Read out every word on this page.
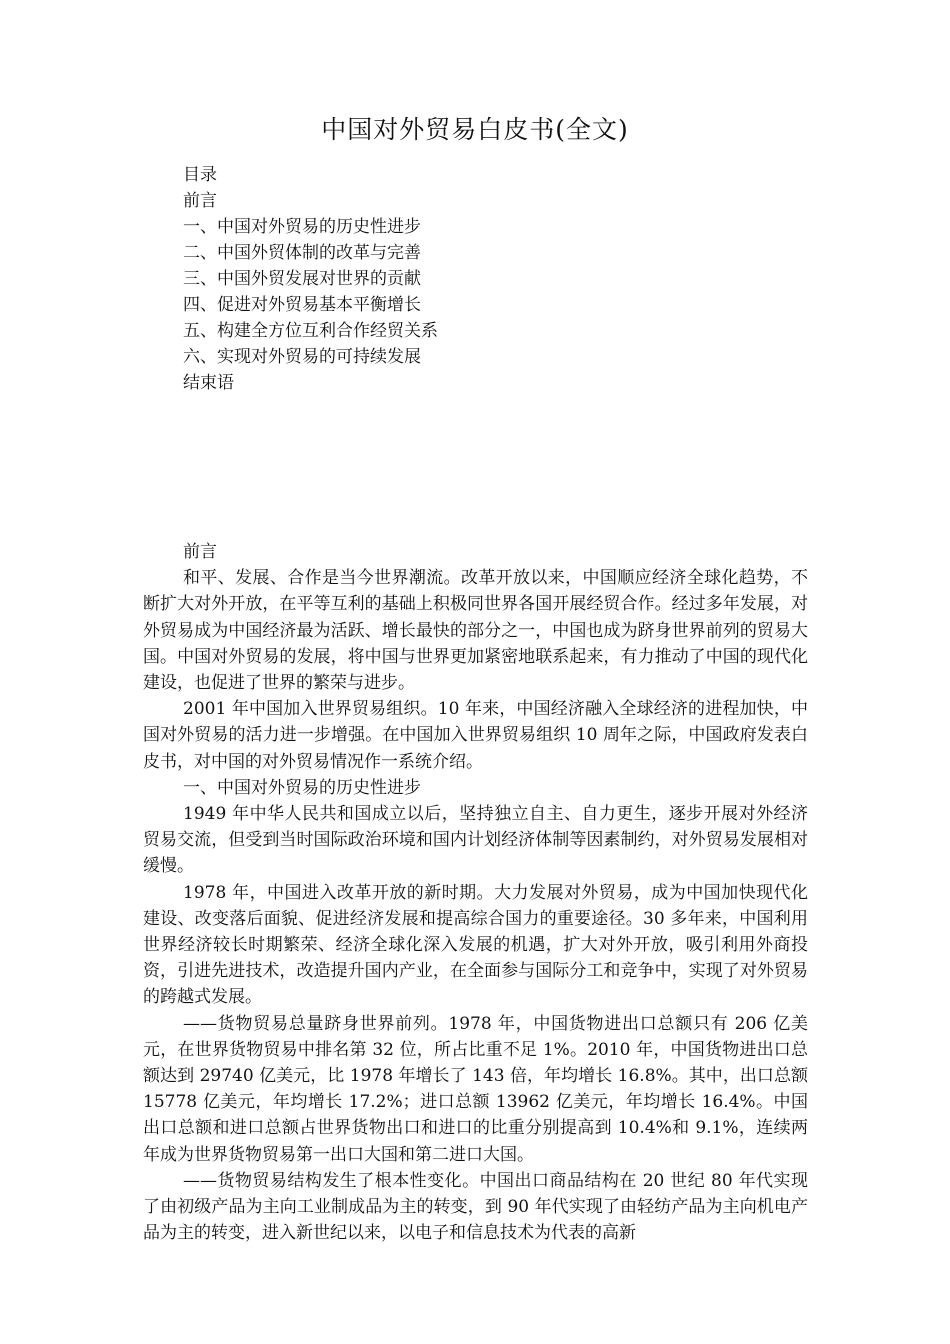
中国对外贸易白皮书(全文)
目录
前言
一、中国对外贸易的历史性进步
二、中国外贸体制的改革与完善
三、中国外贸发展对世界的贡献
四、促进对外贸易基本平衡增长
五、构建全方位互利合作经贸关系
六、实现对外贸易的可持续发展
结束语

前言

和平、发展、合作是当今世界潮流。改革开放以来，中国顺应经济全球化趋势，不断扩大对外开放，在平等互利的基础上积极同世界各国开展经贸合作。经过多年发展，对外贸易成为中国经济最为活跃、增长最快的部分之一，中国也成为跻身世界前列的贸易大国。中国对外贸易的发展，将中国与世界更加紧密地联系起来，有力推动了中国的现代化建设，也促进了世界的繁荣与进步。

2001 年中国加入世界贸易组织。10 年来，中国经济融入全球经济的进程加快，中国对外贸易的活力进一步增强。在中国加入世界贸易组织 10 周年之际，中国政府发表白皮书，对中国的对外贸易情况作一系统介绍。

一、中国对外贸易的历史性进步

1949 年中华人民共和国成立以后，坚持独立自主、自力更生，逐步开展对外经济贸易交流，但受到当时国际政治环境和国内计划经济体制等因素制约，对外贸易发展相对缓慢。

1978 年，中国进入改革开放的新时期。大力发展对外贸易，成为中国加快现代化建设、改变落后面貌、促进经济发展和提高综合国力的重要途径。30 多年来，中国利用世界经济较长时期繁荣、经济全球化深入发展的机遇，扩大对外开放，吸引利用外商投资，引进先进技术，改造提升国内产业，在全面参与国际分工和竞争中，实现了对外贸易的跨越式发展。

——货物贸易总量跻身世界前列。1978 年，中国货物进出口总额只有 206 亿美元，在世界货物贸易中排名第 32 位，所占比重不足 1%。2010 年，中国货物进出口总额达到 29740 亿美元，比 1978 年增长了 143 倍，年均增长 16.8%。其中，出口总额 15778 亿美元，年均增长 17.2%；进口总额 13962 亿美元，年均增长 16.4%。中国出口总额和进口总额占世界货物出口和进口的比重分别提高到 10.4%和 9.1%，连续两年成为世界货物贸易第一出口大国和第二进口大国。

——货物贸易结构发生了根本性变化。中国出口商品结构在 20 世纪 80 年代实现了由初级产品为主向工业制成品为主的转变，到 90 年代实现了由轻纺产品为主向机电产品为主的转变，进入新世纪以来，以电子和信息技术为代表的高新
